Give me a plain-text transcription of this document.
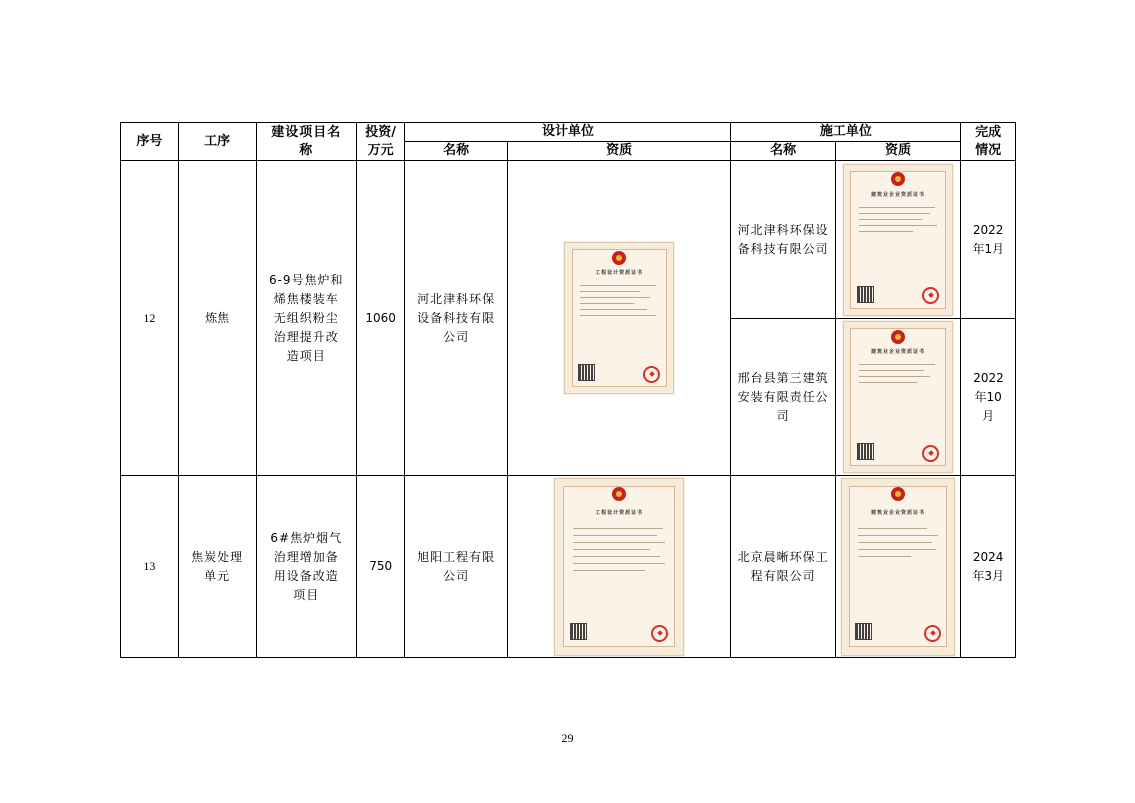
序号	工序	建设项目名称	投资/万元	设计单位		施工单位		完成情况

				名称	资质	名称	资质	
12	炼焦	6-9号焦炉和烯焦楼装车无组织粉尘治理提升改造项目	1060	河北津科环保设备科技有限公司	工程设计资质证书	河北津科环保设备科技有限公司	建筑业企业资质证书	2022年1月

						邢台县第三建筑安装有限责任公司	建筑业企业资质证书	2022年10月

13	焦炭处理单元	6#焦炉烟气治理增加备用设备改造项目	750	旭阳工程有限公司	工程设计资质证书	北京晨晰环保工程有限公司	建筑业企业资质证书	2024年3月
29
